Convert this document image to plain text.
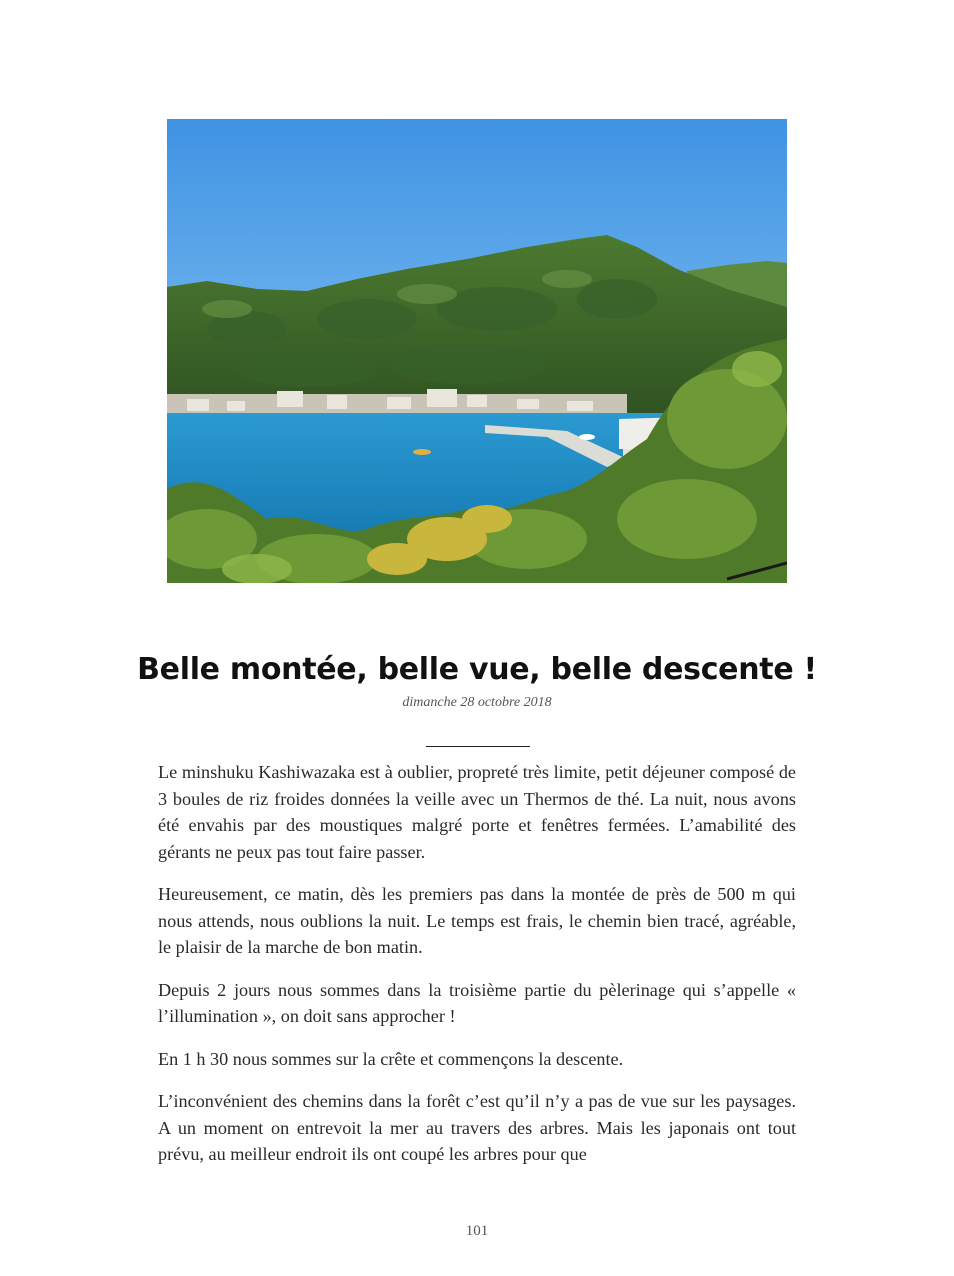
Belle montée, belle vue, belle descente !
dimanche 28 octobre 2018

Le minshuku Kashiwazaka est à oublier, propreté très limite, petit déjeuner composé de 3 boules de riz froides données la veille avec un Thermos de thé. La nuit, nous avons été envahis par des moustiques malgré porte et fenêtres fermées. L’amabilité des gérants ne peux pas tout faire passer.

Heureusement, ce matin, dès les premiers pas dans la montée de près de 500 m qui nous attends, nous oublions la nuit. Le temps est frais, le chemin bien tracé, agréable, le plaisir de la marche de bon matin.

Depuis 2 jours nous sommes dans la troisième partie du pèlerinage qui s’appelle « l’illumination », on doit sans approcher !

En 1 h 30 nous sommes sur la crête et commençons la descente.

L’inconvénient des chemins dans la forêt c’est qu’il n’y a pas de vue sur les paysages. A un moment on entrevoit la mer au travers des arbres. Mais les japonais ont tout prévu, au meilleur endroit ils ont coupé les arbres pour que

101
